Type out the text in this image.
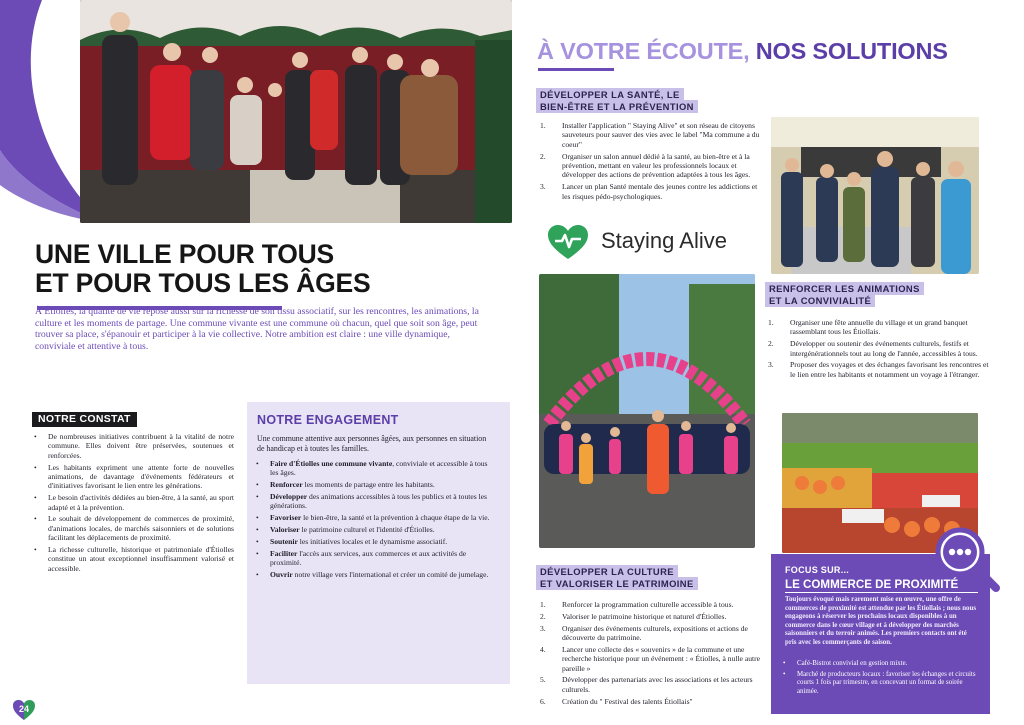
UNE VILLE POUR TOUS
ET POUR TOUS LES ÂGES

À Étiolles, la qualité de vie repose aussi sur la richesse de son tissu associatif, sur les rencontres, les animations, la culture et les moments de partage. Une commune vivante est une commune où chacun, quel que soit son âge, peut trouver sa place, s'épanouir et participer à la vie collective. Notre ambition est claire : une ville dynamique, conviviale et attentive à tous.

NOTRE CONSTAT
• De nombreuses initiatives contribuent à la vitalité de notre commune. Elles doivent être préservées, soutenues et renforcées.
• Les habitants expriment une attente forte de nouvelles animations, de davantage d'événements fédérateurs et d'initiatives favorisant le lien entre les générations.
• Le besoin d'activités dédiées au bien-être, à la santé, au sport adapté et à la prévention.
• Le souhait de développement de commerces de proximité, d'animations locales, de marchés saisonniers et de solutions facilitant les déplacements de proximité.
• La richesse culturelle, historique et patrimoniale d'Étiolles constitue un atout exceptionnel insuffisamment valorisé et accessible.
NOTRE ENGAGEMENT

Une commune attentive aux personnes âgées, aux personnes en situation de handicap et à toutes les familles.

• Faire d'Étiolles une commune vivante, conviviale et accessible à tous les âges.
• Renforcer les moments de partage entre les habitants.
• Développer des animations accessibles à tous les publics et à toutes les générations.
• Favoriser le bien-être, la santé et la prévention à chaque étape de la vie.
• Valoriser le patrimoine culturel et l'identité d'Étiolles.
• Soutenir les initiatives locales et le dynamisme associatif.
• Faciliter l'accès aux services, aux commerces et aux activités de proximité.
• Ouvrir notre village vers l'international et créer un comité de jumelage.
24
À VOTRE ÉCOUTE, NOS SOLUTIONS
DÉVELOPPER LA SANTÉ, LE
BIEN-ÊTRE ET LA PRÉVENTION
1. Installer l'application " Staying Alive" et son réseau de citoyens sauveteurs pour sauver des vies avec le label "Ma commune a du coeur"
2. Organiser un salon annuel dédié à la santé, au bien-être et à la prévention, mettant en valeur les professionnels locaux et développer des actions de prévention adaptées à tous les âges.
3. Lancer un plan Santé mentale des jeunes contre les addictions et les risques pédo-psychologiques.
Staying Alive
RENFORCER LES ANIMATIONS
ET LA CONVIVIALITÉ
1. Organiser une fête annuelle du village et un grand banquet rassemblant tous les Étiollais.
2. Développer ou soutenir des événements culturels, festifs et intergénérationnels tout au long de l'année, accessibles à tous.
3. Proposer des voyages et des échanges favorisant les rencontres et le lien entre les habitants et notamment un voyage à l'étranger.
DÉVELOPPER LA CULTURE
ET VALORISER LE PATRIMOINE
1. Renforcer la programmation culturelle accessible à tous.
2. Valoriser le patrimoine historique et naturel d'Étiolles.
3. Organiser des événements culturels, expositions et actions de découverte du patrimoine.
4. Lancer une collecte des « souvenirs » de la commune et une recherche historique pour un événement : « Étiolles, à nulle autre pareille »
5. Développer des partenariats avec les associations et les acteurs culturels.
6. Création du " Festival des talents Étiollais"
FOCUS SUR...
LE COMMERCE DE PROXIMITÉ

Toujours évoqué mais rarement mise en œuvre, une offre de commerces de proximité est attendue par les Étiollais ; nous nous engageons à réserver les prochains locaux disponibles à un commerce dans le cœur village et à développer des marchés saisonniers et du terroir animés. Les premiers contacts ont été pris avec les commerçants de saison.

• Café-Bistrot convivial en gestion mixte.
• Marché de producteurs locaux : favoriser les échanges et circuits courts 1 fois par trimestre, en concevant un format de soirée animée.
